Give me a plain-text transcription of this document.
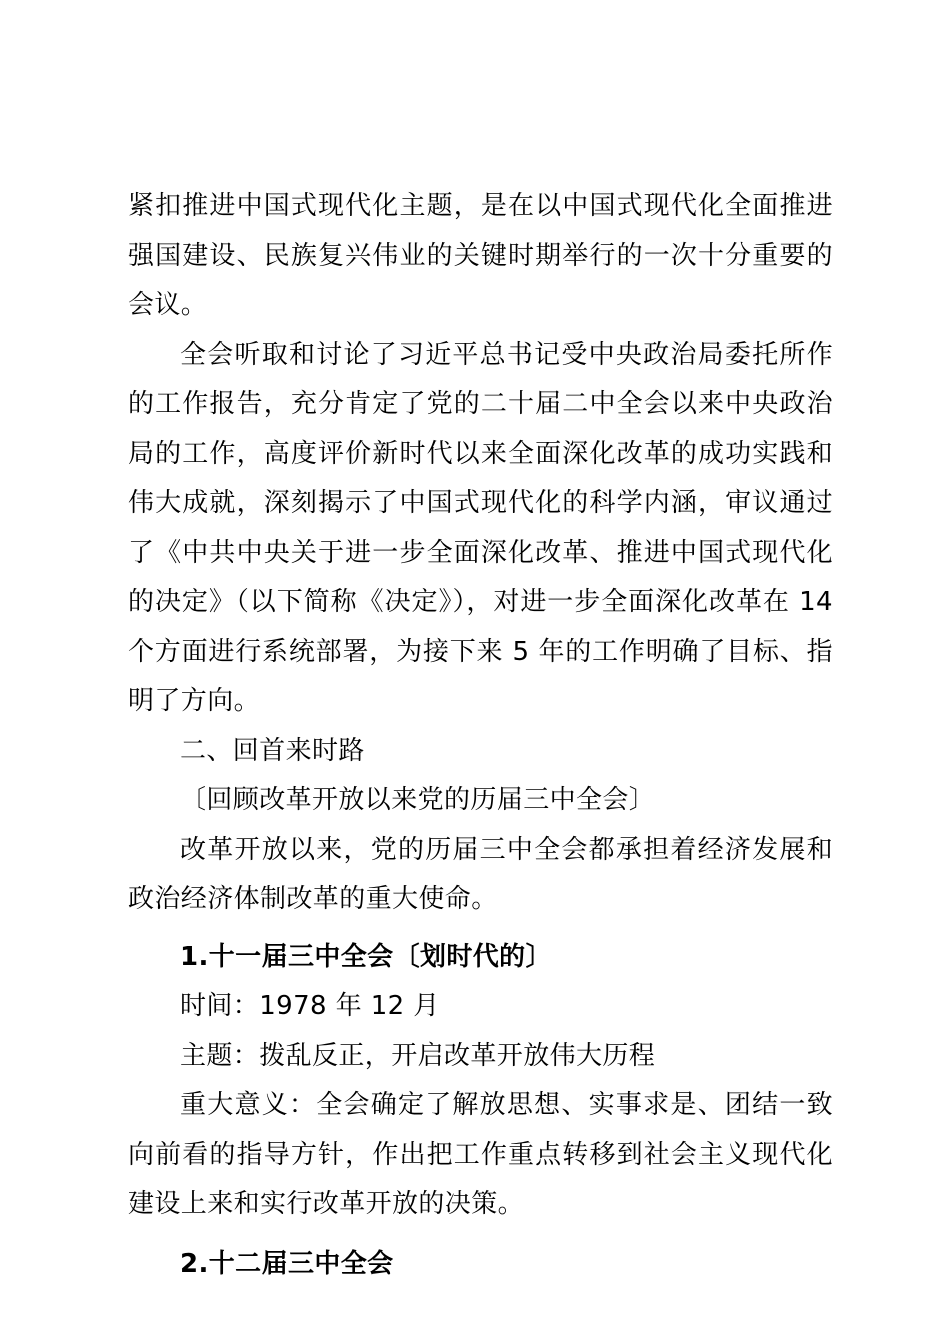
紧扣推进中国式现代化主题，是在以中国式现代化全面推进强国建设、民族复兴伟业的关键时期举行的一次十分重要的会议。

全会听取和讨论了习近平总书记受中央政治局委托所作的工作报告，充分肯定了党的二十届二中全会以来中央政治局的工作，高度评价新时代以来全面深化改革的成功实践和伟大成就，深刻揭示了中国式现代化的科学内涵，审议通过了《中共中央关于进一步全面深化改革、推进中国式现代化的决定》（以下简称《决定》），对进一步全面深化改革在 14 个方面进行系统部署，为接下来 5 年的工作明确了目标、指明了方向。

二、回首来时路

〔回顾改革开放以来党的历届三中全会〕

改革开放以来，党的历届三中全会都承担着经济发展和政治经济体制改革的重大使命。

1.十一届三中全会〔划时代的〕

时间：1978 年 12 月

主题：拨乱反正，开启改革开放伟大历程

重大意义：全会确定了解放思想、实事求是、团结一致向前看的指导方针，作出把工作重点转移到社会主义现代化建设上来和实行改革开放的决策。

2.十二届三中全会
